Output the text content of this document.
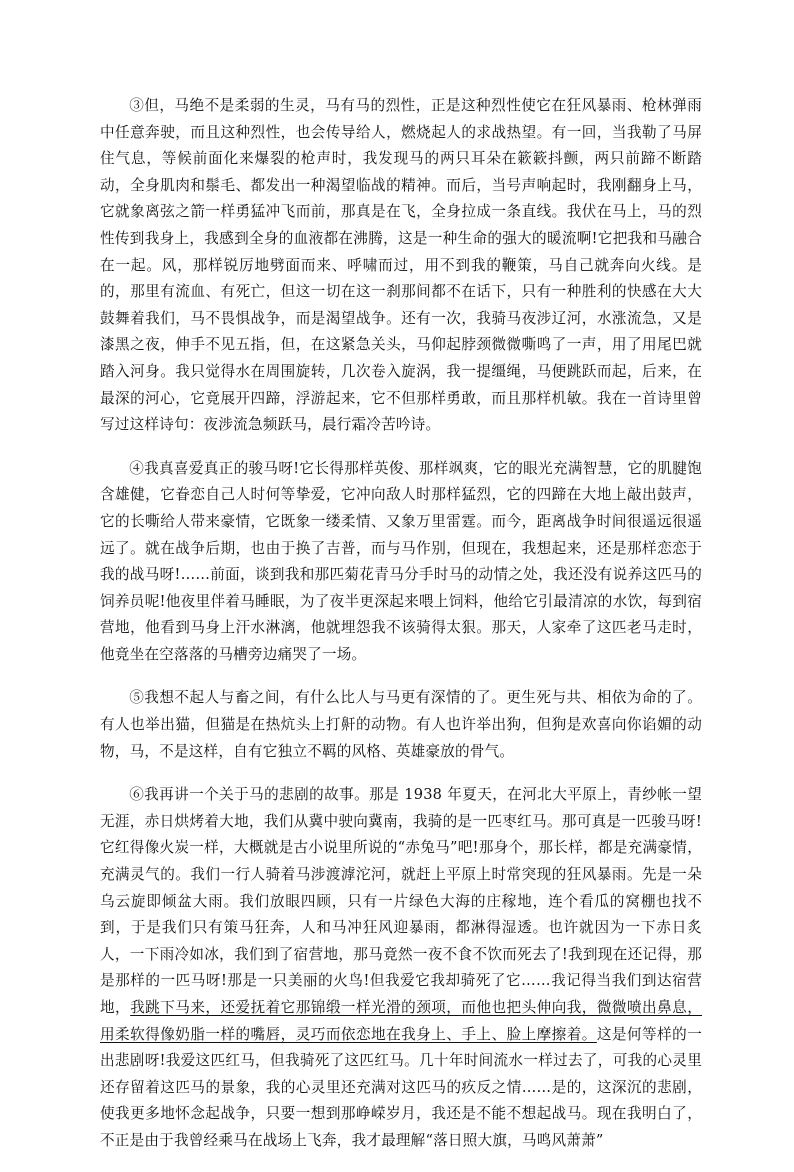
③但，马绝不是柔弱的生灵，马有马的烈性，正是这种烈性使它在狂风暴雨、枪林弹雨中任意奔驶，而且这种烈性，也会传导给人，燃烧起人的求战热望。有一回，当我勒了马屏住气息，等候前面化来爆裂的枪声时，我发现马的两只耳朵在簌簌抖颤，两只前蹄不断踏动，全身肌肉和鬃毛、都发出一种渴望临战的精神。而后，当号声响起时，我刚翻身上马，它就象离弦之箭一样勇猛冲飞而前，那真是在飞，全身拉成一条直线。我伏在马上，马的烈性传到我身上，我感到全身的血液都在沸腾，这是一种生命的强大的暖流啊!它把我和马融合在一起。风，那样锐厉地劈面而来、呼啸而过，用不到我的鞭策，马自己就奔向火线。是的，那里有流血、有死亡，但这一切在这一刹那间都不在话下，只有一种胜利的快感在大大鼓舞着我们，马不畏惧战争，而是渴望战争。还有一次，我骑马夜涉辽河，水涨流急，又是漆黑之夜，伸手不见五指，但，在这紧急关头，马仰起脖颈微微嘶鸣了一声，用了用尾巴就踏入河身。我只觉得水在周围旋转，几次卷入旋涡，我一提缰绳，马便跳跃而起，后来，在最深的河心，它竟展开四蹄，浮游起来，它不但那样勇敢，而且那样机敏。我在一首诗里曾写过这样诗句：夜涉流急频跃马，晨行霜冷苦吟诗。

④我真喜爱真正的骏马呀!它长得那样英俊、那样飒爽，它的眼光充满智慧，它的肌腱饱含雄健，它眷恋自己人时何等挚爱，它冲向敌人时那样猛烈，它的四蹄在大地上敲出鼓声，它的长嘶给人带来豪情，它既象一缕柔情、又象万里雷霆。而今，距离战争时间很遥远很遥远了。就在战争后期，也由于换了吉普，而与马作别，但现在，我想起来，还是那样恋恋于我的战马呀!……前面，谈到我和那匹菊花青马分手时马的动情之处，我还没有说养这匹马的饲养员呢!他夜里伴着马睡眠，为了夜半更深起来喂上饲料，他给它引最清凉的水饮，每到宿营地，他看到马身上汗水淋漓，他就埋怨我不该骑得太狠。那天，人家牵了这匹老马走时，他竟坐在空落落的马槽旁边痛哭了一场。

⑤我想不起人与畜之间，有什么比人与马更有深情的了。更生死与共、相依为命的了。有人也举出猫，但猫是在热炕头上打鼾的动物。有人也许举出狗，但狗是欢喜向你谄媚的动物，马，不是这样，自有它独立不羁的风格、英雄豪放的骨气。

⑥我再讲一个关于马的悲剧的故事。那是 1938 年夏天，在河北大平原上，青纱帐一望无涯，赤日烘烤着大地，我们从冀中驶向冀南，我骑的是一匹枣红马。那可真是一匹骏马呀!它红得像火炭一样，大概就是古小说里所说的“赤兔马”吧!那身个，那长样，都是充满豪情，充满灵气的。我们一行人骑着马涉渡滹沱河，就赶上平原上时常突现的狂风暴雨。先是一朵乌云旋即倾盆大雨。我们放眼四顾，只有一片绿色大海的庄稼地，连个看瓜的窝棚也找不到，于是我们只有策马狂奔，人和马冲狂风迎暴雨，都淋得湿透。也许就因为一下赤日炙人，一下雨冷如冰，我们到了宿营地，那马竟然一夜不食不饮而死去了!我到现在还记得，那是那样的一匹马呀!那是一只美丽的火鸟!但我爱它我却骑死了它……我记得当我们到达宿营地，我跳下马来，还爱抚着它那锦缎一样光滑的颈项，而他也把头伸向我，微微喷出鼻息，用柔软得像奶脂一样的嘴唇，灵巧而依恋地在我身上、手上、脸上摩擦着。这是何等样的一出悲剧呀!我爱这匹红马，但我骑死了这匹红马。几十年时间流水一样过去了，可我的心灵里还存留着这匹马的景象，我的心灵里还充满对这匹马的疚反之情……是的，这深沉的悲剧，使我更多地怀念起战争，只要一想到那峥嵘岁月，我还是不能不想起战马。现在我明白了，不正是由于我曾经乘马在战场上飞奔，我才最理解“落日照大旗，马鸣风萧萧”
